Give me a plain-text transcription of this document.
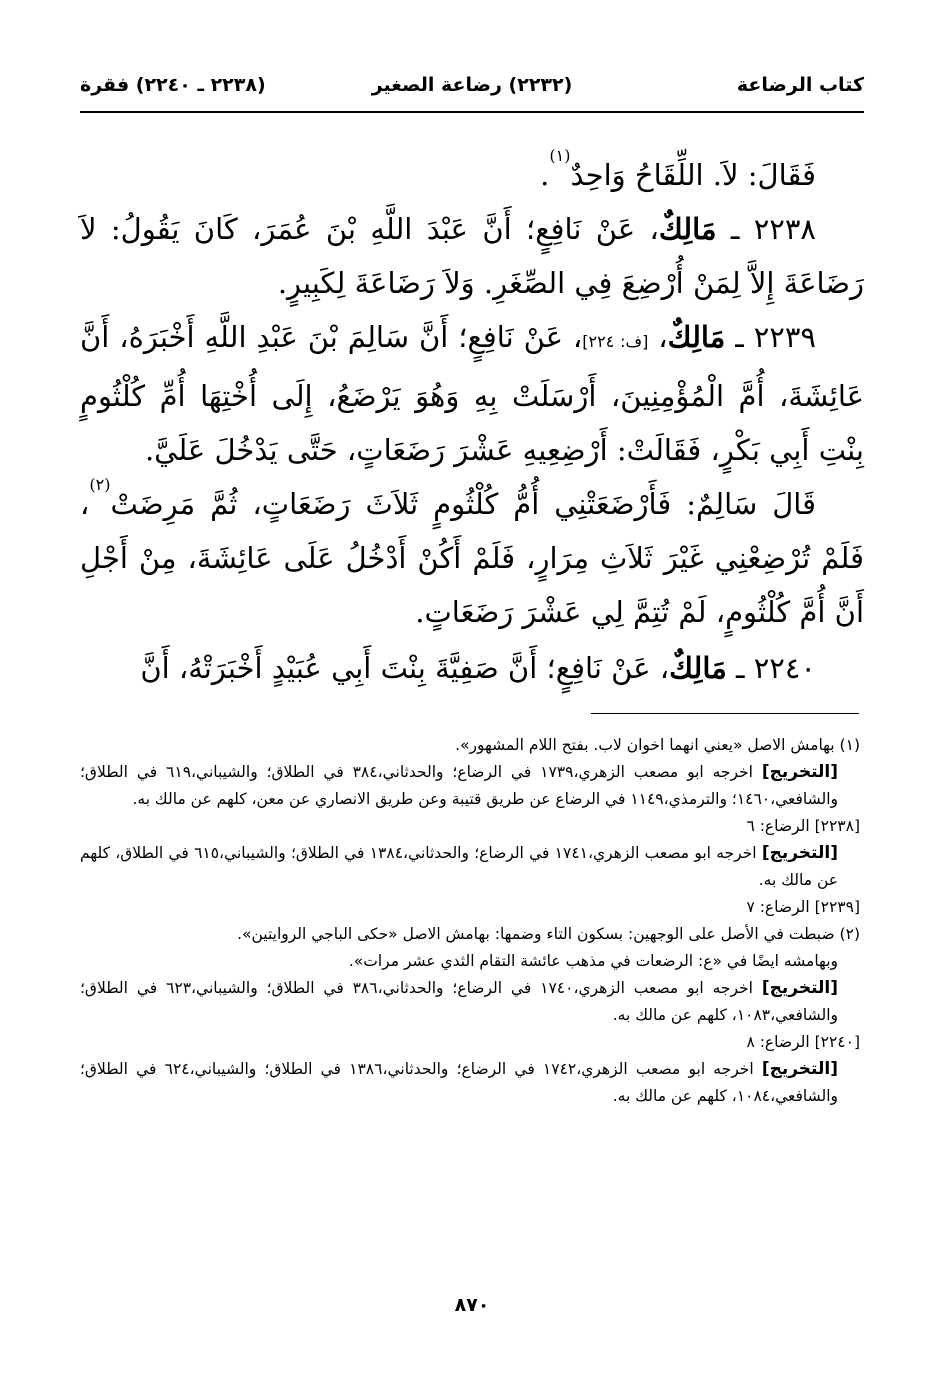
كتاب الرضاعة
(٢٢٣٢) رضاعة الصغير
(٢٢٣٨ ـ ٢٢٤٠) فقرة

فَقَالَ: لاَ. اللِّقَاحُ وَاحِدٌ$^{(١)}$.

٢٢٣٨ ـ مَالِكٌ، عَنْ نَافِعٍ؛ أَنَّ عَبْدَ اللَّهِ بْنَ عُمَرَ، كَانَ يَقُولُ: لاَ رَضَاعَةَ إِلاَّ لِمَنْ أُرْضِعَ فِي الصِّغَرِ. وَلاَ رَضَاعَةَ لِكَبِيرٍ.

٢٢٣٩ ـ مَالِكٌ، [ف: ٢٢٤]، عَنْ نَافِعٍ؛ أَنَّ سَالِمَ بْنَ عَبْدِ اللَّهِ أَخْبَرَهُ، أَنَّ عَائِشَةَ، أُمَّ الْمُؤْمِنِينَ، أَرْسَلَتْ بِهِ وَهُوَ يَرْضَعُ، إِلَى أُخْتِهَا أُمِّ كُلْثُومٍ بِنْتِ أَبِي بَكْرٍ، فَقَالَتْ: أَرْضِعِيهِ عَشْرَ رَضَعَاتٍ، حَتَّى يَدْخُلَ عَلَيَّ.

قَالَ سَالِمٌ: فَأَرْضَعَتْنِي أُمُّ كُلْثُومٍ ثَلاَثَ رَضَعَاتٍ، ثُمَّ مَرِضَتْ$^{(٢)}$، فَلَمْ تُرْضِعْنِي غَيْرَ ثَلاَثِ مِرَارٍ، فَلَمْ أَكُنْ أَدْخُلُ عَلَى عَائِشَةَ، مِنْ أَجْلِ أَنَّ أُمَّ كُلْثُومٍ، لَمْ تُتِمَّ لِي عَشْرَ رَضَعَاتٍ.

٢٢٤٠ ـ مَالِكٌ، عَنْ نَافِعٍ؛ أَنَّ صَفِيَّةَ بِنْتَ أَبِي عُبَيْدٍ أَخْبَرَتْهُ، أَنَّ

(١) بهامش الاصل «يعني انهما اخوان لاب. بفتح اللام المشهور».

[التخريج] اخرجه ابو مصعب الزهري،١٧٣٩ في الرضاع؛ والحدثاني،٣٨٤ في الطلاق؛ والشيباني،٦١٩ في الطلاق؛ والشافعي،١٤٦٠؛ والترمذي،١١٤٩ في الرضاع عن طريق قتيبة وعن طريق الانصاري عن معن، كلهم عن مالك به.

[٢٢٣٨] الرضاع: ٦

[التخريج] اخرجه ابو مصعب الزهري،١٧٤١ في الرضاع؛ والحدثاني،١٣٨٤ في الطلاق؛ والشيباني،٦١٥ في الطلاق، كلهم عن مالك به.

[٢٢٣٩] الرضاع: ٧

(٢) ضبطت في الأصل على الوجهين: بسكون التاء وضمها: بهامش الاصل «حكى الباجي الروايتين».

وبهامشه ايضًا في «ع: الرضعات في مذهب عائشة التقام الثدي عشر مرات».

[التخريج] اخرجه ابو مصعب الزهري،١٧٤٠ في الرضاع؛ والحدثاني،٣٨٦ في الطلاق؛ والشيباني،٦٢٣ في الطلاق؛ والشافعي،١٠٨٣، كلهم عن مالك به.

[٢٢٤٠] الرضاع: ٨

[التخريج] اخرجه ابو مصعب الزهري،١٧٤٢ في الرضاع؛ والحدثاني،١٣٨٦ في الطلاق؛ والشيباني،٦٢٤ في الطلاق؛ والشافعي،١٠٨٤، كلهم عن مالك به.

٨٧٠
